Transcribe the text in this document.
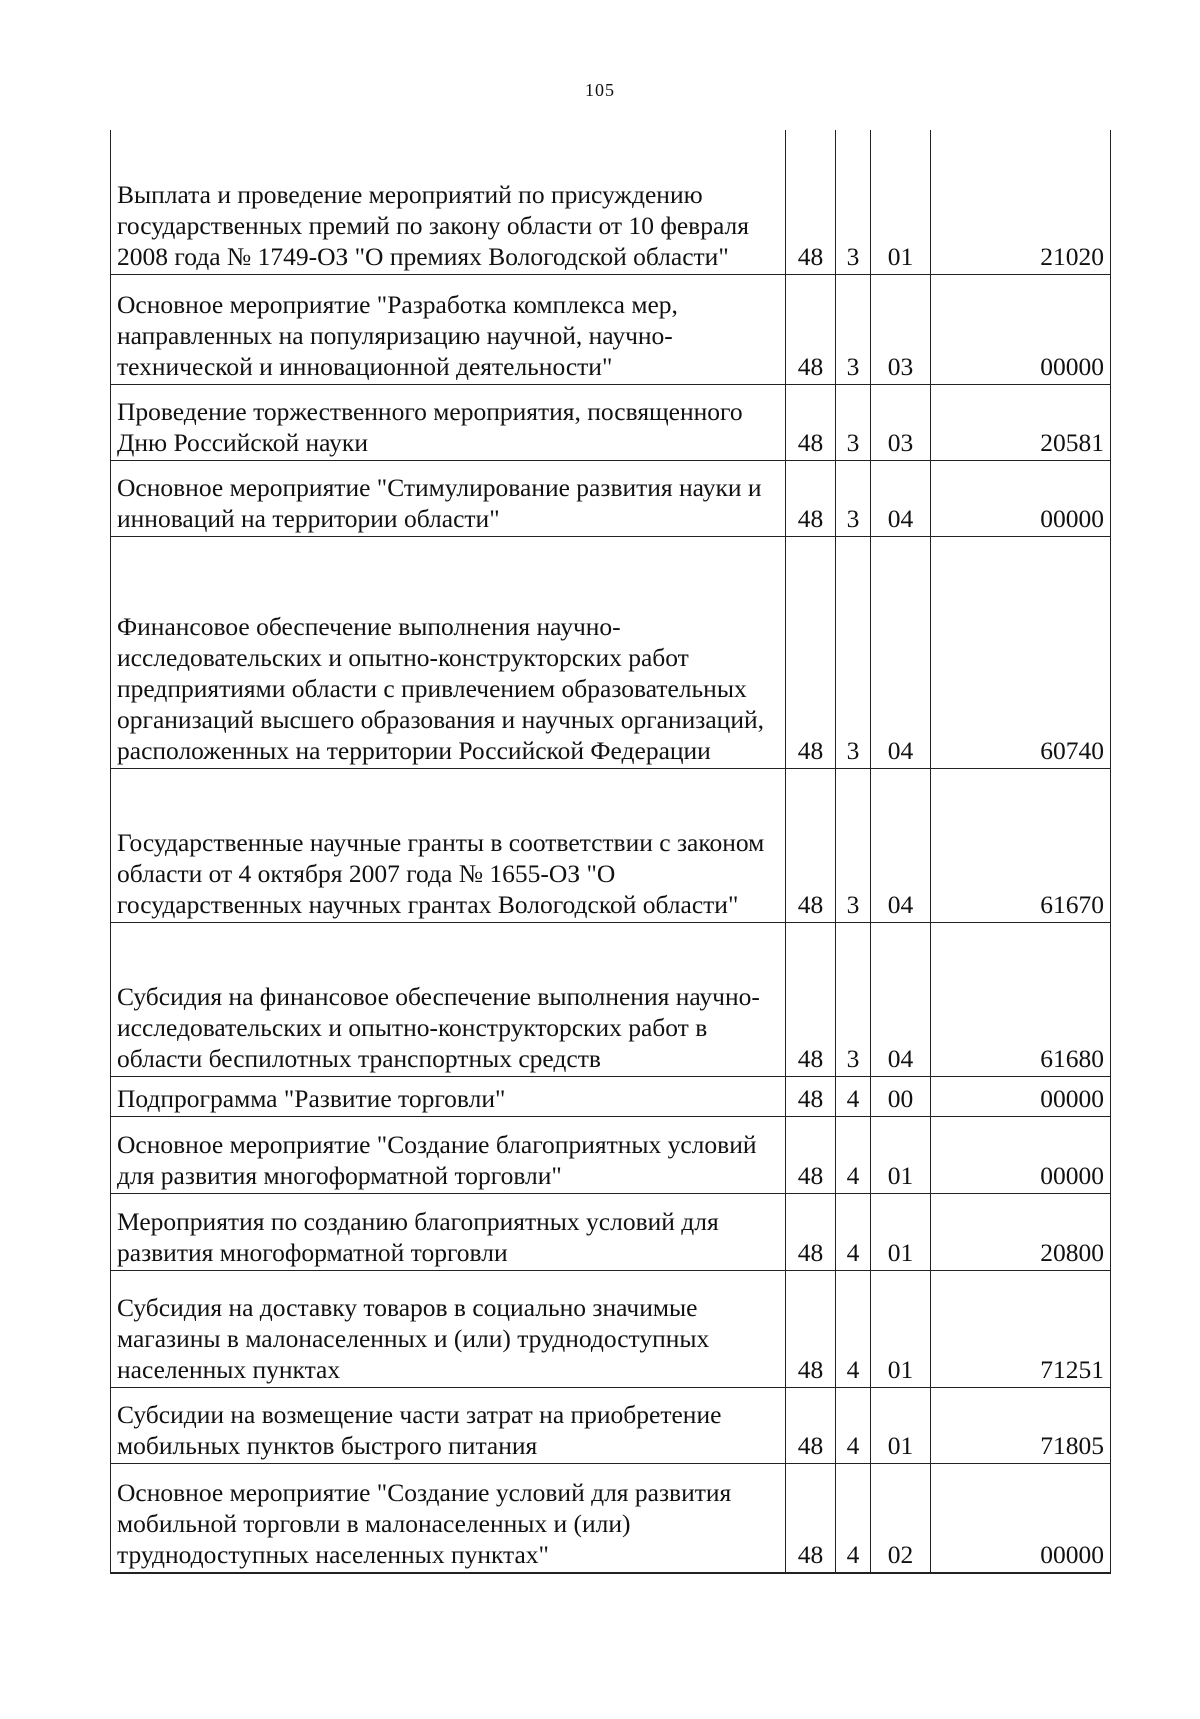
105
Выплата и проведение мероприятий по присуждению государственных премий по закону области от 10 февраля 2008 года № 1749-ОЗ "О премиях Вологодской области"	48	3	01	21020
Основное мероприятие "Разработка комплекса мер, направленных на популяризацию научной, научно-технической и инновационной деятельности"	48	3	03	00000
Проведение торжественного мероприятия, посвященного Дню Российской науки	48	3	03	20581
Основное мероприятие "Стимулирование развития науки и инноваций на территории области"	48	3	04	00000
Финансовое обеспечение выполнения научно-исследовательских и опытно-конструкторских работ предприятиями области с привлечением образовательных организаций высшего образования и научных организаций, расположенных на территории Российской Федерации	48	3	04	60740
Государственные научные гранты в соответствии с законом области от 4 октября 2007 года № 1655-ОЗ "О государственных научных грантах Вологодской области"	48	3	04	61670
Субсидия на финансовое обеспечение выполнения научно-исследовательских и опытно-конструкторских работ в области беспилотных транспортных средств	48	3	04	61680
Подпрограмма "Развитие торговли"	48	4	00	00000
Основное мероприятие "Создание благоприятных условий для развития многоформатной торговли"	48	4	01	00000
Мероприятия по созданию благоприятных условий для развития многоформатной торговли	48	4	01	20800
Субсидия на доставку товаров в социально значимые магазины в малонаселенных и (или) труднодоступных населенных пунктах	48	4	01	71251
Субсидии на возмещение части затрат на приобретение мобильных пунктов быстрого питания	48	4	01	71805
Основное мероприятие "Создание условий для развития мобильной торговли в малонаселенных и (или) труднодоступных населенных пунктах"	48	4	02	00000
